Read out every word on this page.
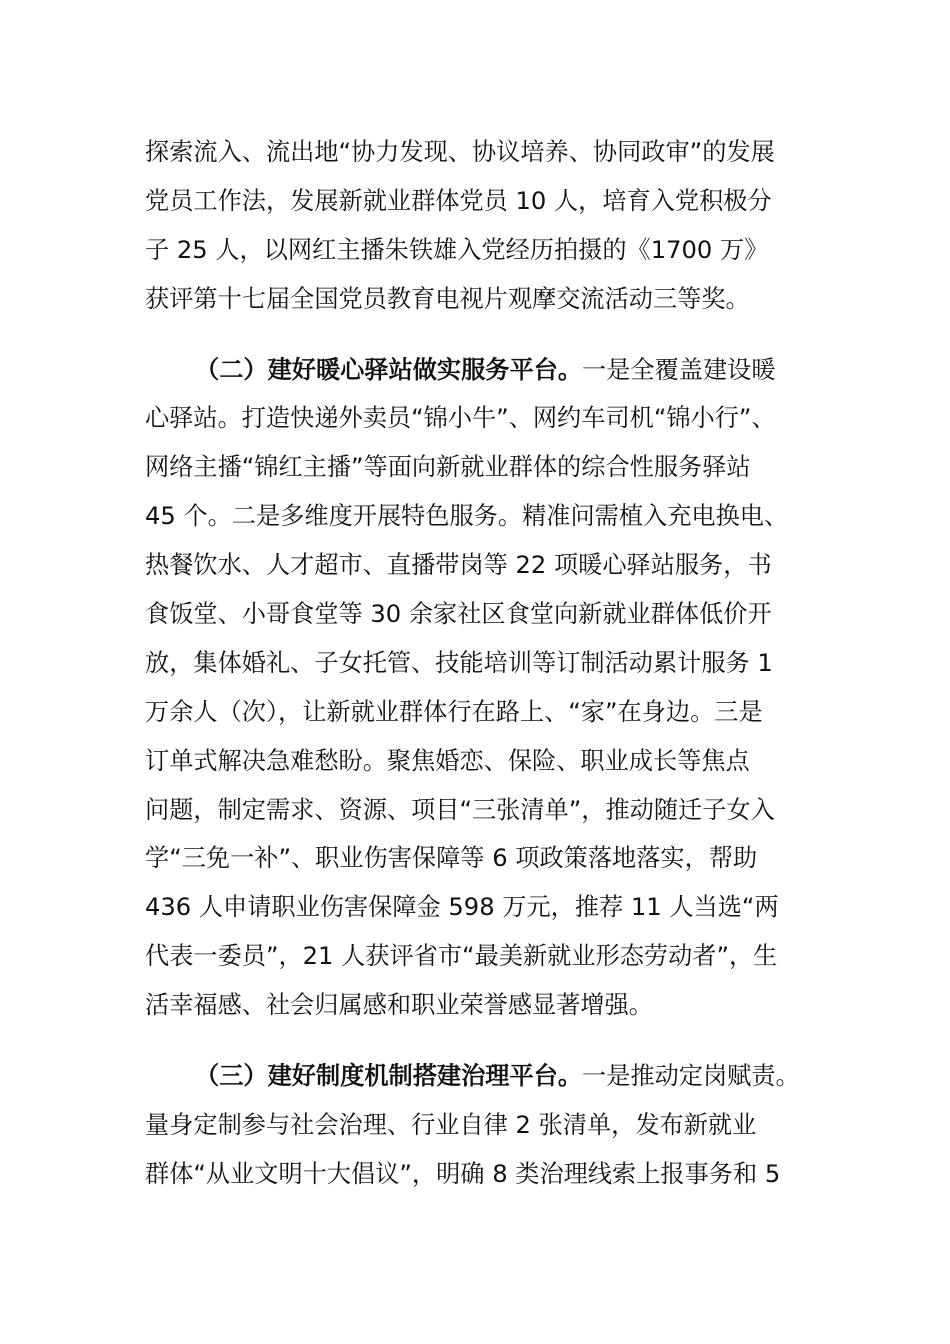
探索流入、流出地“协力发现、协议培养、协同政审”的发展
党员工作法，发展新就业群体党员 10 人，培育入党积极分
子 25 人，以网红主播朱铁雄入党经历拍摄的《1700 万》
获评第十七届全国党员教育电视片观摩交流活动三等奖。
（二）建好暖心驿站做实服务平台。一是全覆盖建设暖
心驿站。打造快递外卖员“锦小牛”、网约车司机“锦小行”、
网络主播“锦红主播”等面向新就业群体的综合性服务驿站
45 个。二是多维度开展特色服务。精准问需植入充电换电、
热餐饮水、人才超市、直播带岗等 22 项暖心驿站服务，书
食饭堂、小哥食堂等 30 余家社区食堂向新就业群体低价开
放，集体婚礼、子女托管、技能培训等订制活动累计服务 1
万余人（次），让新就业群体行在路上、“家”在身边。三是
订单式解决急难愁盼。聚焦婚恋、保险、职业成长等焦点
问题，制定需求、资源、项目“三张清单”，推动随迁子女入
学“三免一补”、职业伤害保障等 6 项政策落地落实，帮助
436 人申请职业伤害保障金 598 万元，推荐 11 人当选“两
代表一委员”，21 人获评省市“最美新就业形态劳动者”，生
活幸福感、社会归属感和职业荣誉感显著增强。
（三）建好制度机制搭建治理平台。一是推动定岗赋责。
量身定制参与社会治理、行业自律 2 张清单，发布新就业
群体“从业文明十大倡议”，明确 8 类治理线索上报事务和 5
